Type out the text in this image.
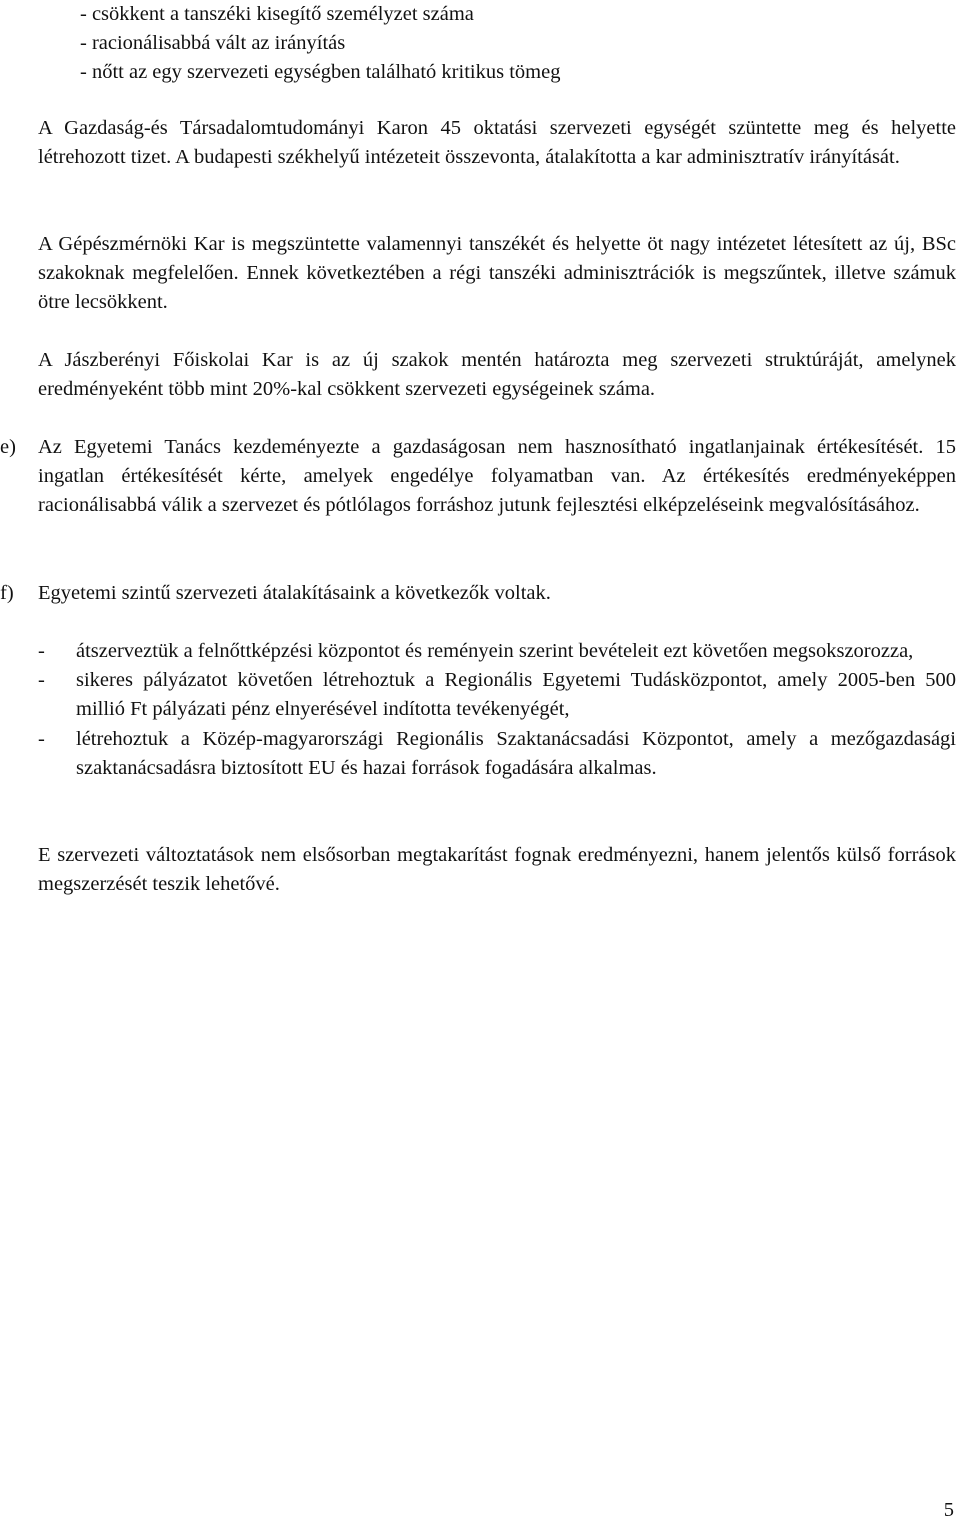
- csökkent a tanszéki kisegítő személyzet száma

- racionálisabbá vált az irányítás

- nőtt az egy szervezeti egységben található kritikus tömeg

A Gazdaság-és Társadalomtudományi Karon 45 oktatási szervezeti egységét szüntette meg és helyette létrehozott tizet. A budapesti székhelyű intézeteit összevonta, átalakította a kar adminisztratív irányítását.

A Gépészmérnöki Kar is megszüntette valamennyi tanszékét és helyette öt nagy intézetet létesített az új, BSc szakoknak megfelelően. Ennek következtében a régi tanszéki adminisztrációk is megszűntek, illetve számuk ötre lecsökkent.

A Jászberényi Főiskolai Kar is az új szakok mentén határozta meg szervezeti struktúráját, amelynek eredményeként több mint 20%-kal csökkent szervezeti egységeinek száma.

e)	Az Egyetemi Tanács kezdeményezte a gazdaságosan nem hasznosítható ingatlanjainak értékesítését. 15 ingatlan értékesítését kérte, amelyek engedélye folyamatban van. Az értékesítés eredményeképpen racionálisabbá válik a szervezet és pótlólagos forráshoz jutunk fejlesztési elképzeléseink megvalósításához.

f)	Egyetemi szintű szervezeti átalakításaink a következők voltak.

- átszerveztük a felnőttképzési központot és reményein szerint bevételeit ezt követően megsokszorozza,

- sikeres pályázatot követően létrehoztuk a Regionális Egyetemi Tudásközpontot, amely 2005-ben 500 millió Ft pályázati pénz elnyerésével indította tevékenyégét,

- létrehoztuk a Közép-magyarországi Regionális Szaktanácsadási Központot, amely a mezőgazdasági szaktanácsadásra biztosított EU és hazai források fogadására alkalmas.

E szervezeti változtatások nem elsősorban megtakarítást fognak eredményezni, hanem jelentős külső források megszerzését teszik lehetővé.

5
